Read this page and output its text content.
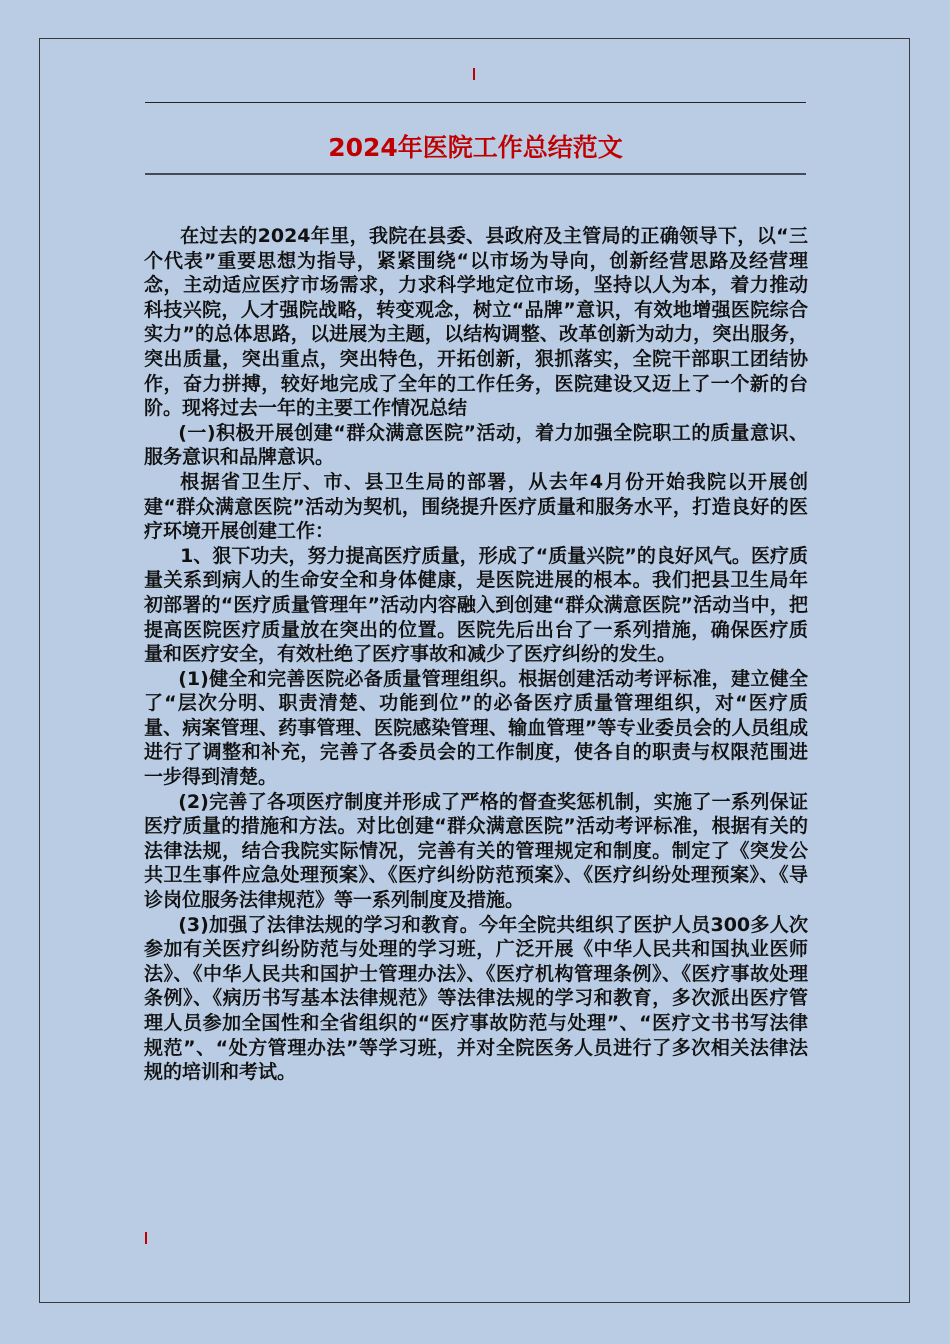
2024年医院工作总结范文

在过去的2024年里，我院在县委、县政府及主管局的正确领导下，以“三个代表”重要思想为指导，紧紧围绕“以市场为导向，创新经营思路及经营理念，主动适应医疗市场需求，力求科学地定位市场，坚持以人为本，着力推动科技兴院，人才强院战略，转变观念，树立“品牌”意识，有效地增强医院综合实力”的总体思路，以进展为主题，以结构调整、改革创新为动力，突出服务，突出质量，突出重点，突出特色，开拓创新，狠抓落实，全院干部职工团结协作，奋力拼搏，较好地完成了全年的工作任务，医院建设又迈上了一个新的台阶。现将过去一年的主要工作情况总结

(一)积极开展创建“群众满意医院”活动，着力加强全院职工的质量意识、服务意识和品牌意识。

根据省卫生厅、市、县卫生局的部署，从去年4月份开始我院以开展创建“群众满意医院”活动为契机，围绕提升医疗质量和服务水平，打造良好的医疗环境开展创建工作：

1、狠下功夫，努力提高医疗质量，形成了“质量兴院”的良好风气。医疗质量关系到病人的生命安全和身体健康，是医院进展的根本。我们把县卫生局年初部署的“医疗质量管理年”活动内容融入到创建“群众满意医院”活动当中，把提高医院医疗质量放在突出的位置。医院先后出台了一系列措施，确保医疗质量和医疗安全，有效杜绝了医疗事故和减少了医疗纠纷的发生。

(1)健全和完善医院必备质量管理组织。根据创建活动考评标准，建立健全了“层次分明、职责清楚、功能到位”的必备医疗质量管理组织，对“医疗质量、病案管理、药事管理、医院感染管理、输血管理”等专业委员会的人员组成进行了调整和补充，完善了各委员会的工作制度，使各自的职责与权限范围进一步得到清楚。

(2)完善了各项医疗制度并形成了严格的督查奖惩机制，实施了一系列保证医疗质量的措施和方法。对比创建“群众满意医院”活动考评标准，根据有关的法律法规，结合我院实际情况，完善有关的管理规定和制度。制定了《突发公共卫生事件应急处理预案》、《医疗纠纷防范预案》、《医疗纠纷处理预案》、《导诊岗位服务法律规范》等一系列制度及措施。

(3)加强了法律法规的学习和教育。今年全院共组织了医护人员300多人次参加有关医疗纠纷防范与处理的学习班，广泛开展《中华人民共和国执业医师法》、《中华人民共和国护士管理办法》、《医疗机构管理条例》、《医疗事故处理条例》、《病历书写基本法律规范》等法律法规的学习和教育，多次派出医疗管理人员参加全国性和全省组织的“医疗事故防范与处理”、“医疗文书书写法律规范”、“处方管理办法”等学习班，并对全院医务人员进行了多次相关法律法规的培训和考试。
